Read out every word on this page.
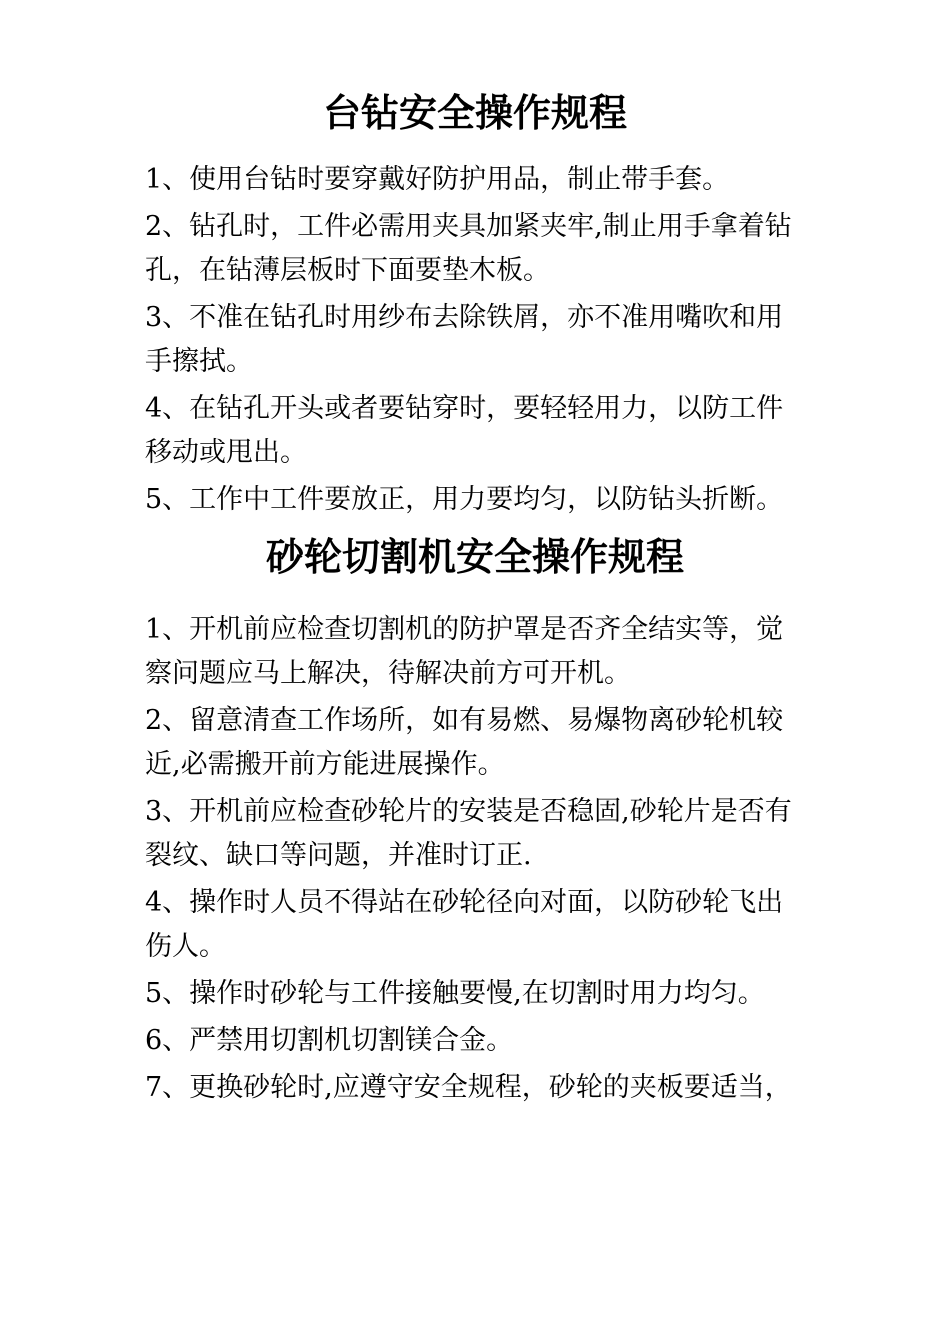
台钻安全操作规程
1、使用台钻时要穿戴好防护用品，制止带手套。
2、钻孔时，工件必需用夹具加紧夹牢,制止用手拿着钻孔，在钻薄层板时下面要垫木板。
3、不准在钻孔时用纱布去除铁屑，亦不准用嘴吹和用手擦拭。
4、在钻孔开头或者要钻穿时，要轻轻用力，以防工件移动或甩出。
5、工作中工件要放正，用力要均匀，以防钻头折断。
砂轮切割机安全操作规程
1、开机前应检查切割机的防护罩是否齐全结实等，觉察问题应马上解决，待解决前方可开机。
2、留意清查工作场所，如有易燃、易爆物离砂轮机较近,必需搬开前方能进展操作。
3、开机前应检查砂轮片的安装是否稳固,砂轮片是否有裂纹、缺口等问题，并准时订正.
4、操作时人员不得站在砂轮径向对面，以防砂轮飞出伤人。
5、操作时砂轮与工件接触要慢,在切割时用力均匀。
6、严禁用切割机切割镁合金。
7、更换砂轮时,应遵守安全规程，砂轮的夹板要适当，
